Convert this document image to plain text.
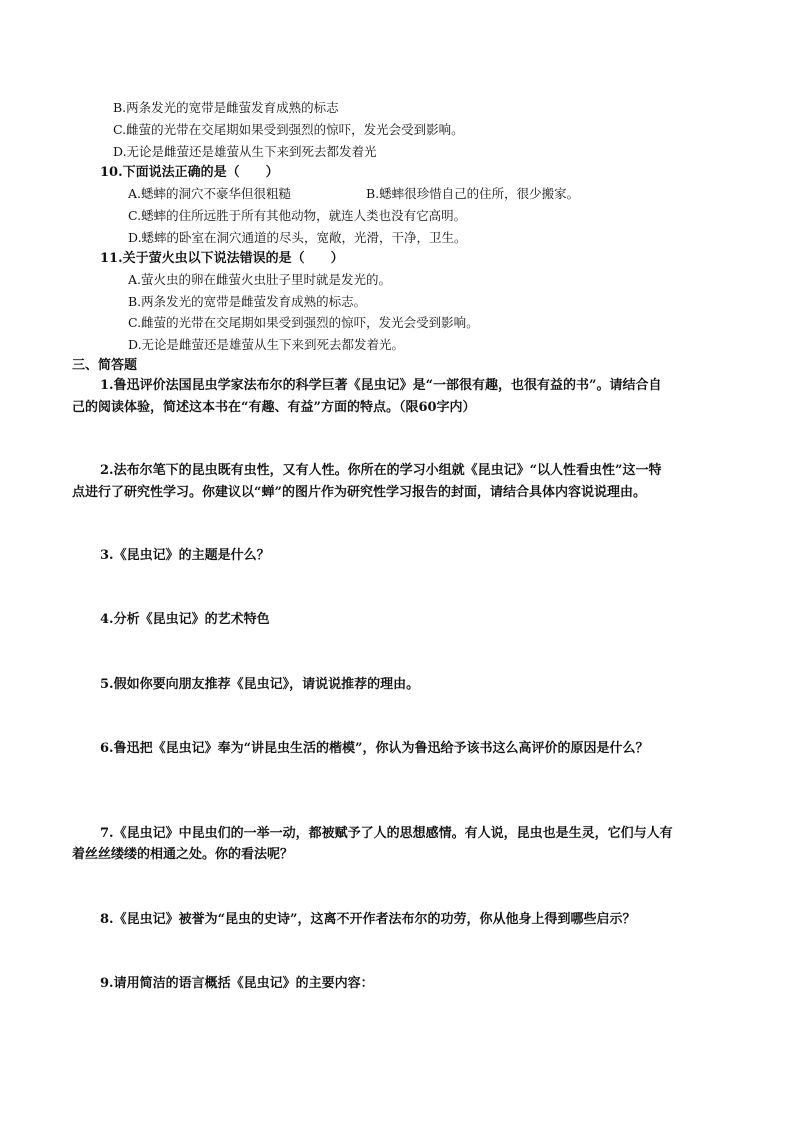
B.两条发光的宽带是雌萤发育成熟的标志
C.雌萤的光带在交尾期如果受到强烈的惊吓，发光会受到影响。
D.无论是雌萤还是雄萤从生下来到死去都发着光
10.下面说法正确的是（　　）
A.蟋蟀的洞穴不豪华但很粗糙	B.蟋蟀很珍惜自己的住所，很少搬家。
C.蟋蟀的住所远胜于所有其他动物，就连人类也没有它高明。
D.蟋蟀的卧室在洞穴通道的尽头，宽敞，光滑，干净，卫生。
11.关于萤火虫以下说法错误的是（　　）
A.萤火虫的卵在雌萤火虫肚子里时就是发光的。
B.两条发光的宽带是雌萤发育成熟的标志。
C.雌萤的光带在交尾期如果受到强烈的惊吓，发光会受到影响。
D.无论是雌萤还是雄萤从生下来到死去都发着光。
三、简答题
1.鲁迅评价法国昆虫学家法布尔的科学巨著《昆虫记》是“一部很有趣，也很有益的书”。请结合自
己的阅读体验，简述这本书在“有趣、有益”方面的特点。（限60字内）
2.法布尔笔下的昆虫既有虫性，又有人性。你所在的学习小组就《昆虫记》“以人性看虫性”这一特
点进行了研究性学习。你建议以“蝉”的图片作为研究性学习报告的封面，请结合具体内容说说理由。
3.《昆虫记》的主题是什么？
4.分析《昆虫记》的艺术特色
5.假如你要向朋友推荐《昆虫记》，请说说推荐的理由。
6.鲁迅把《昆虫记》奉为“讲昆虫生活的楷模”，你认为鲁迅给予该书这么高评价的原因是什么？
7.《昆虫记》中昆虫们的一举一动，都被赋予了人的思想感情。有人说，昆虫也是生灵，它们与人有
着丝丝缕缕的相通之处。你的看法呢？
8.《昆虫记》被誉为“昆虫的史诗”，这离不开作者法布尔的功劳，你从他身上得到哪些启示？
9.请用简洁的语言概括《昆虫记》的主要内容：
